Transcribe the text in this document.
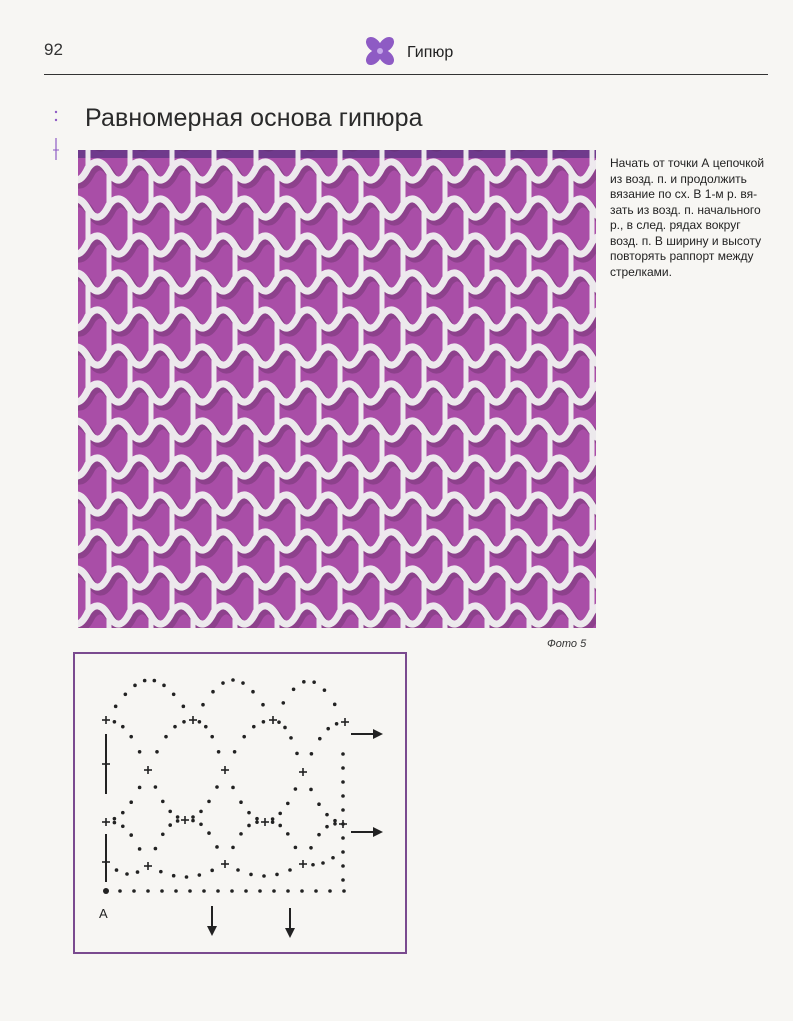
92	Гипюр
Равномерная основа гипюра
Фото 5

Начать от точки А цепочкой из возд. п. и продолжить вязание по сх. В 1-м р. вя-зать из возд. п. начального р., в след. рядах вокруг возд. п. В ширину и высоту повторять раппорт между стрелками.

A
